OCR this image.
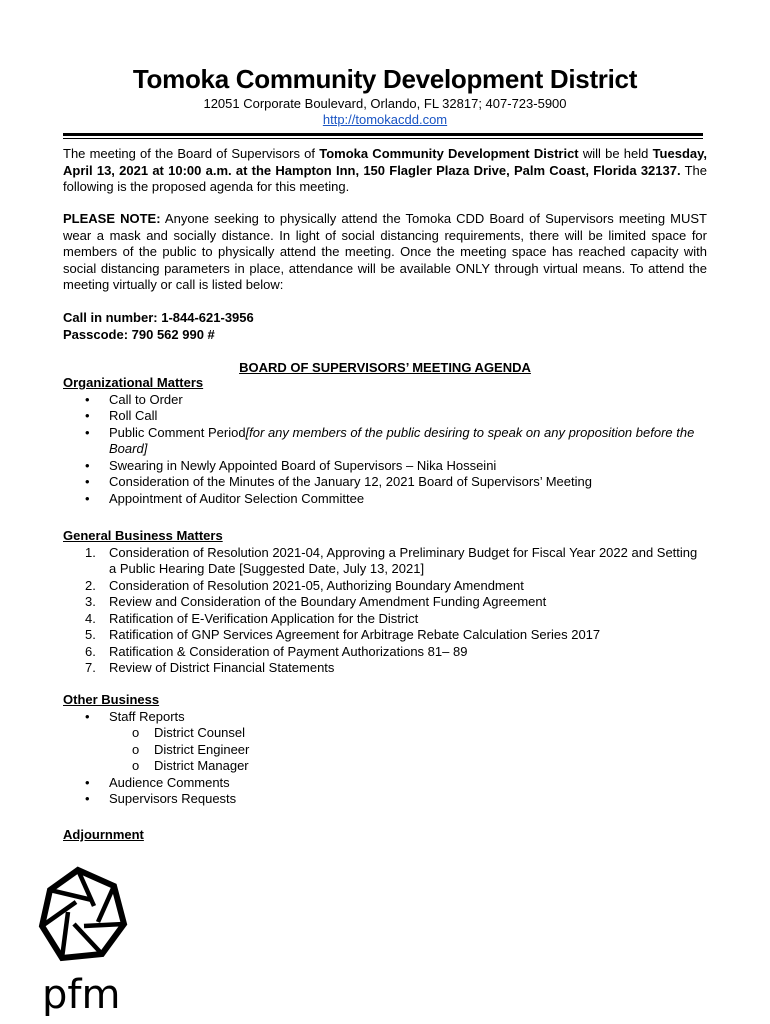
Tomoka Community Development District
12051 Corporate Boulevard, Orlando, FL 32817; 407-723-5900
http://tomokacdd.com
The meeting of the Board of Supervisors of Tomoka Community Development District will be held Tuesday, April 13, 2021 at 10:00 a.m. at the Hampton Inn, 150 Flagler Plaza Drive, Palm Coast, Florida 32137. The following is the proposed agenda for this meeting.
PLEASE NOTE: Anyone seeking to physically attend the Tomoka CDD Board of Supervisors meeting MUST wear a mask and socially distance. In light of social distancing requirements, there will be limited space for members of the public to physically attend the meeting. Once the meeting space has reached capacity with social distancing parameters in place, attendance will be available ONLY through virtual means. To attend the meeting virtually or call is listed below:
Call in number: 1-844-621-3956
Passcode: 790 562 990 #
BOARD OF SUPERVISORS’ MEETING AGENDA
Organizational Matters
• Call to Order
• Roll Call
• Public Comment Period[for any members of the public desiring to speak on any proposition before the Board]
• Swearing in Newly Appointed Board of Supervisors – Nika Hosseini
• Consideration of the Minutes of the January 12, 2021 Board of Supervisors’ Meeting
• Appointment of Auditor Selection Committee
General Business Matters
1. Consideration of Resolution 2021-04, Approving a Preliminary Budget for Fiscal Year 2022 and Setting a Public Hearing Date [Suggested Date, July 13, 2021]
2. Consideration of Resolution 2021-05, Authorizing Boundary Amendment
3. Review and Consideration of the Boundary Amendment Funding Agreement
4. Ratification of E-Verification Application for the District
5. Ratification of GNP Services Agreement for Arbitrage Rebate Calculation Series 2017
6. Ratification & Consideration of Payment Authorizations 81– 89
7. Review of District Financial Statements
Other Business
• Staff Reports
o District Counsel
o District Engineer
o District Manager
• Audience Comments
• Supervisors Requests
Adjournment
pfm
